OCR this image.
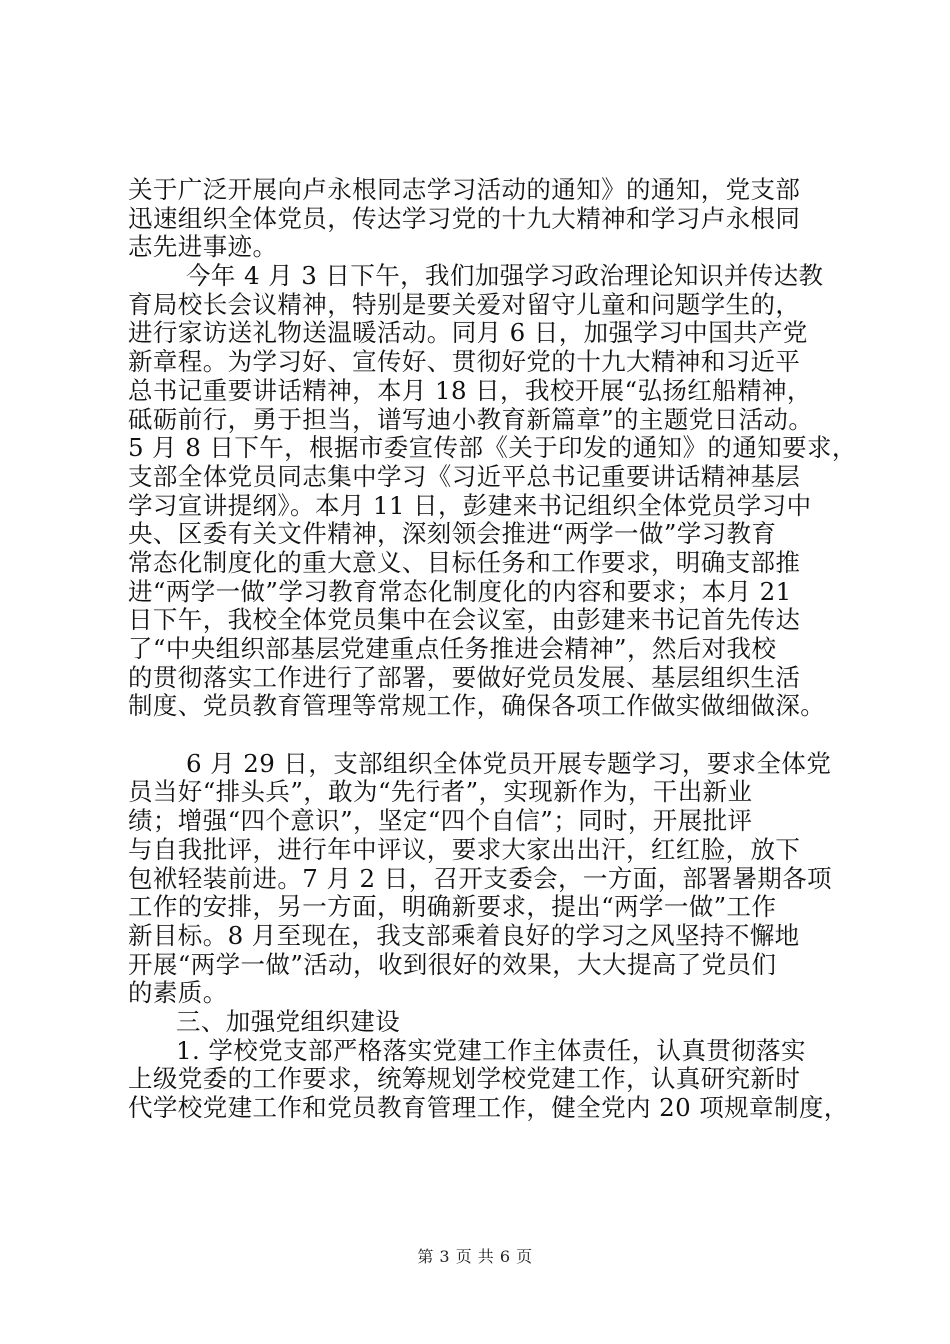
关于广泛开展向卢永根同志学习活动的通知》的通知，党支部
迅速组织全体党员，传达学习党的十九大精神和学习卢永根同
志先进事迹。
今年 4 月 3 日下午，我们加强学习政治理论知识并传达教
育局校长会议精神，特别是要关爱对留守儿童和问题学生的，
进行家访送礼物送温暖活动。同月 6 日，加强学习中国共产党
新章程。为学习好、宣传好、贯彻好党的十九大精神和习近平
总书记重要讲话精神，本月 18 日，我校开展“弘扬红船精神，
砥砺前行，勇于担当，谱写迪小教育新篇章”的主题党日活动。
5 月 8 日下午，根据市委宣传部《关于印发的通知》的通知要求，
支部全体党员同志集中学习《习近平总书记重要讲话精神基层
学习宣讲提纲》。本月 11 日，彭建来书记组织全体党员学习中
央、区委有关文件精神，深刻领会推进“两学一做”学习教育
常态化制度化的重大意义、目标任务和工作要求，明确支部推
进“两学一做”学习教育常态化制度化的内容和要求；本月 21
日下午，我校全体党员集中在会议室，由彭建来书记首先传达
了“中央组织部基层党建重点任务推进会精神”，然后对我校
的贯彻落实工作进行了部署，要做好党员发展、基层组织生活
制度、党员教育管理等常规工作，确保各项工作做实做细做深。
6 月 29 日，支部组织全体党员开展专题学习，要求全体党
员当好“排头兵”，敢为“先行者”，实现新作为，干出新业
绩；增强“四个意识”，坚定“四个自信”；同时，开展批评
与自我批评，进行年中评议，要求大家出出汗，红红脸，放下
包袱轻装前进。7 月 2 日，召开支委会，一方面，部署暑期各项
工作的安排，另一方面，明确新要求，提出“两学一做”工作
新目标。8 月至现在，我支部乘着良好的学习之风坚持不懈地
开展“两学一做”活动，收到很好的效果，大大提高了党员们
的素质。
三、加强党组织建设
1. 学校党支部严格落实党建工作主体责任，认真贯彻落实
上级党委的工作要求，统筹规划学校党建工作，认真研究新时
代学校党建工作和党员教育管理工作，健全党内 20 项规章制度，
第 3 页 共 6 页
